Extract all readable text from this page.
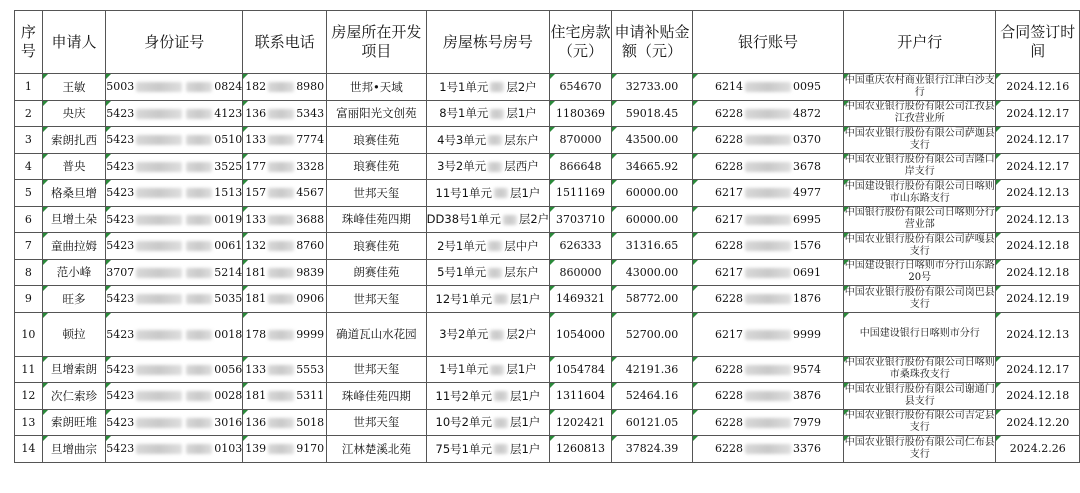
序号	申请人	身份证号	联系电话	房屋所在开发项目	房屋栋号房号	住宅房款（元）	申请补贴金额（元）	银行账号	开户行	合同签订时间
1	王敏	5003 0824	182 8980	世邦•天域	1号1单元 层2户	654670	32733.00	6214 0095	中国重庆农村商业银行江津白沙支行	2024.12.16
2	央庆	5423 4123	136 5343	富丽阳光文创苑	8号1单元 层1户	1180369	59018.45	6228 4872	中国农业银行股份有限公司江孜县江孜营业所	2024.12.17
3	索朗扎西	5423 0510	133 7774	琅赛佳苑	4号3单元 层东户	870000	43500.00	6228 0370	中国农业银行股份有限公司萨迦县支行	2024.12.17
4	普央	5423 3525	177 3328	琅赛佳苑	3号2单元 层西户	866648	34665.92	6228 3678	中国农业银行股份有限公司吉隆口岸支行	2024.12.17
5	格桑旦增	5423 1513	157 4567	世邦天玺	11号1单元 层1户	1511169	60000.00	6217 4977	中国建设银行股份有限公司日喀则市山东路支行	2024.12.13
6	旦增土朵	5423 0019	133 3688	珠峰佳苑四期	DD38号1单元 层2户	3703710	60000.00	6217 6995	中国银行股份有限公司日喀则分行营业部	2024.12.13
7	童曲拉姆	5423 0061	132 8760	琅赛佳苑	2号1单元 层中户	626333	31316.65	6228 1576	中国农业银行股份有限公司萨嘎县支行	2024.12.18
8	范小峰	3707 5214	181 9839	朗赛佳苑	5号1单元 层东户	860000	43000.00	6217 0691	中国建设银行日喀则市分行山东路20号	2024.12.18
9	旺多	5423 5035	181 0906	世邦天玺	12号1单元 层1户	1469321	58772.00	6228 1876	中国农业银行股份有限公司岗巴县支行	2024.12.19
10	顿拉	5423 0018	178 9999	确道瓦山水花园	3号2单元 层2户	1054000	52700.00	6217 9999	中国建设银行日喀则市分行	2024.12.13
11	旦增索朗	5423 0056	133 5553	世邦天玺	1号1单元 层1户	1054784	42191.36	6228 9574	中国农业银行股份有限公司日喀则市桑珠孜支行	2024.12.17
12	次仁索珍	5423 0028	181 5311	珠峰佳苑四期	11号2单元 层1户	1311604	52464.16	6228 3876	中国农业银行股份有限公司谢通门县支行	2024.12.18
13	索朗旺堆	5423 3016	136 5018	世邦天玺	10号2单元 层1户	1202421	60121.05	6228 7979	中国农业银行股份有限公司吉定县支行	2024.12.20
14	旦增曲宗	5423 0103	139 9170	江林楚溪北苑	75号1单元 层1户	1260813	37824.39	6228 3376	中国农业银行股份有限公司仁布县支行	2024.2.26
